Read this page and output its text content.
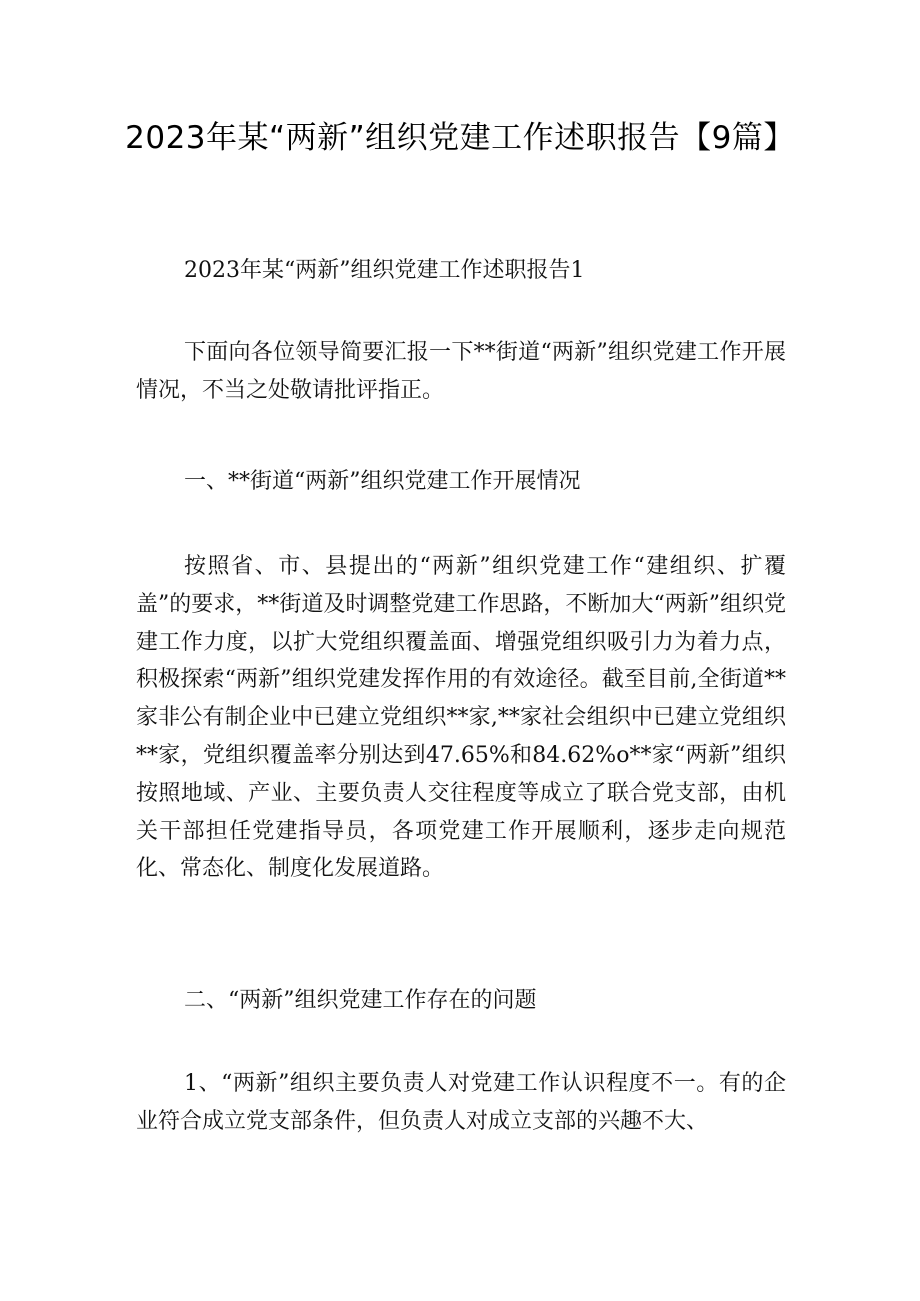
2023年某“两新”组织党建工作述职报告【9篇】

2023年某“两新”组织党建工作述职报告1

下面向各位领导简要汇报一下**街道“两新”组织党建工作开展情况，不当之处敬请批评指正。

一、**街道“两新”组织党建工作开展情况

按照省、市、县提出的“两新”组织党建工作“建组织、扩覆盖”的要求，**街道及时调整党建工作思路，不断加大“两新”组织党建工作力度，以扩大党组织覆盖面、增强党组织吸引力为着力点，积极探索“两新”组织党建发挥作用的有效途径。截至目前,全街道**家非公有制企业中已建立党组织**家,**家社会组织中已建立党组织**家，党组织覆盖率分别达到47.65%和84.62%o**家“两新”组织按照地域、产业、主要负责人交往程度等成立了联合党支部，由机关干部担任党建指导员，各项党建工作开展顺利，逐步走向规范化、常态化、制度化发展道路。

二、“两新”组织党建工作存在的问题

1、“两新”组织主要负责人对党建工作认识程度不一。有的企业符合成立党支部条件，但负责人对成立支部的兴趣不大、
